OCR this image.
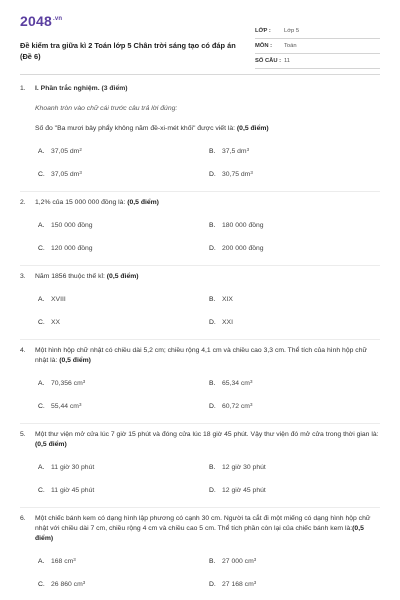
$2048^{.vn}$
Đề kiểm tra giữa kì 2 Toán lớp 5 Chân trời sáng tạo có đáp án (Đề 6)
LỚP :	Lớp 5
MÔN :	Toán
SỐ CÂU : 11
1.	I. Phần trắc nghiệm. (3 điểm)
Khoanh tròn vào chữ cái trước câu trả lời đúng:
Số đo "Ba mươi bảy phẩy không năm đề-xi-mét khối" được viết là: (0,5 điểm)
A. 37,05 $dm^2$	B. 37,5 $dm^3$
C. 37,05 $dm^3$	D. 30,75 $dm^3$
2.	1,2% của 15 000 000 đồng là: (0,5 điểm)
A. 150 000 đồng	B. 180 000 đồng
C. 120 000 đồng	D. 200 000 đồng
3.	Năm 1856 thuộc thế kỉ: (0,5 điểm)
A. XVIII	B. XIX
C. XX	D. XXI
4.	Một hình hộp chữ nhật có chiều dài 5,2 cm; chiều rộng 4,1 cm và chiều cao 3,3 cm. Thể tích của hình hộp chữ nhật là: (0,5 điểm)
A. 70,356 $cm^3$	B. 65,34 $cm^3$
C. 55,44 $cm^3$	D. 60,72 $cm^3$
5.	Một thư viện mở cửa lúc 7 giờ 15 phút và đóng cửa lúc 18 giờ 45 phút. Vậy thư viện đó mở cửa trong thời gian là: (0,5 điểm)
A. 11 giờ 30 phút	B. 12 giờ 30 phút
C. 11 giờ 45 phút	D. 12 giờ 45 phút
6.	Một chiếc bánh kem có dạng hình lập phương có cạnh 30 cm. Người ta cắt đi một miếng có dạng hình hộp chữ nhật với chiều dài 7 cm, chiều rộng 4 cm và chiều cao 5 cm. Thể tích phần còn lại của chiếc bánh kem là:(0,5 điểm)
A. 168 $cm^3$	B. 27 000 $cm^3$
C. 26 860 $cm^3$	D. 27 168 $cm^3$
